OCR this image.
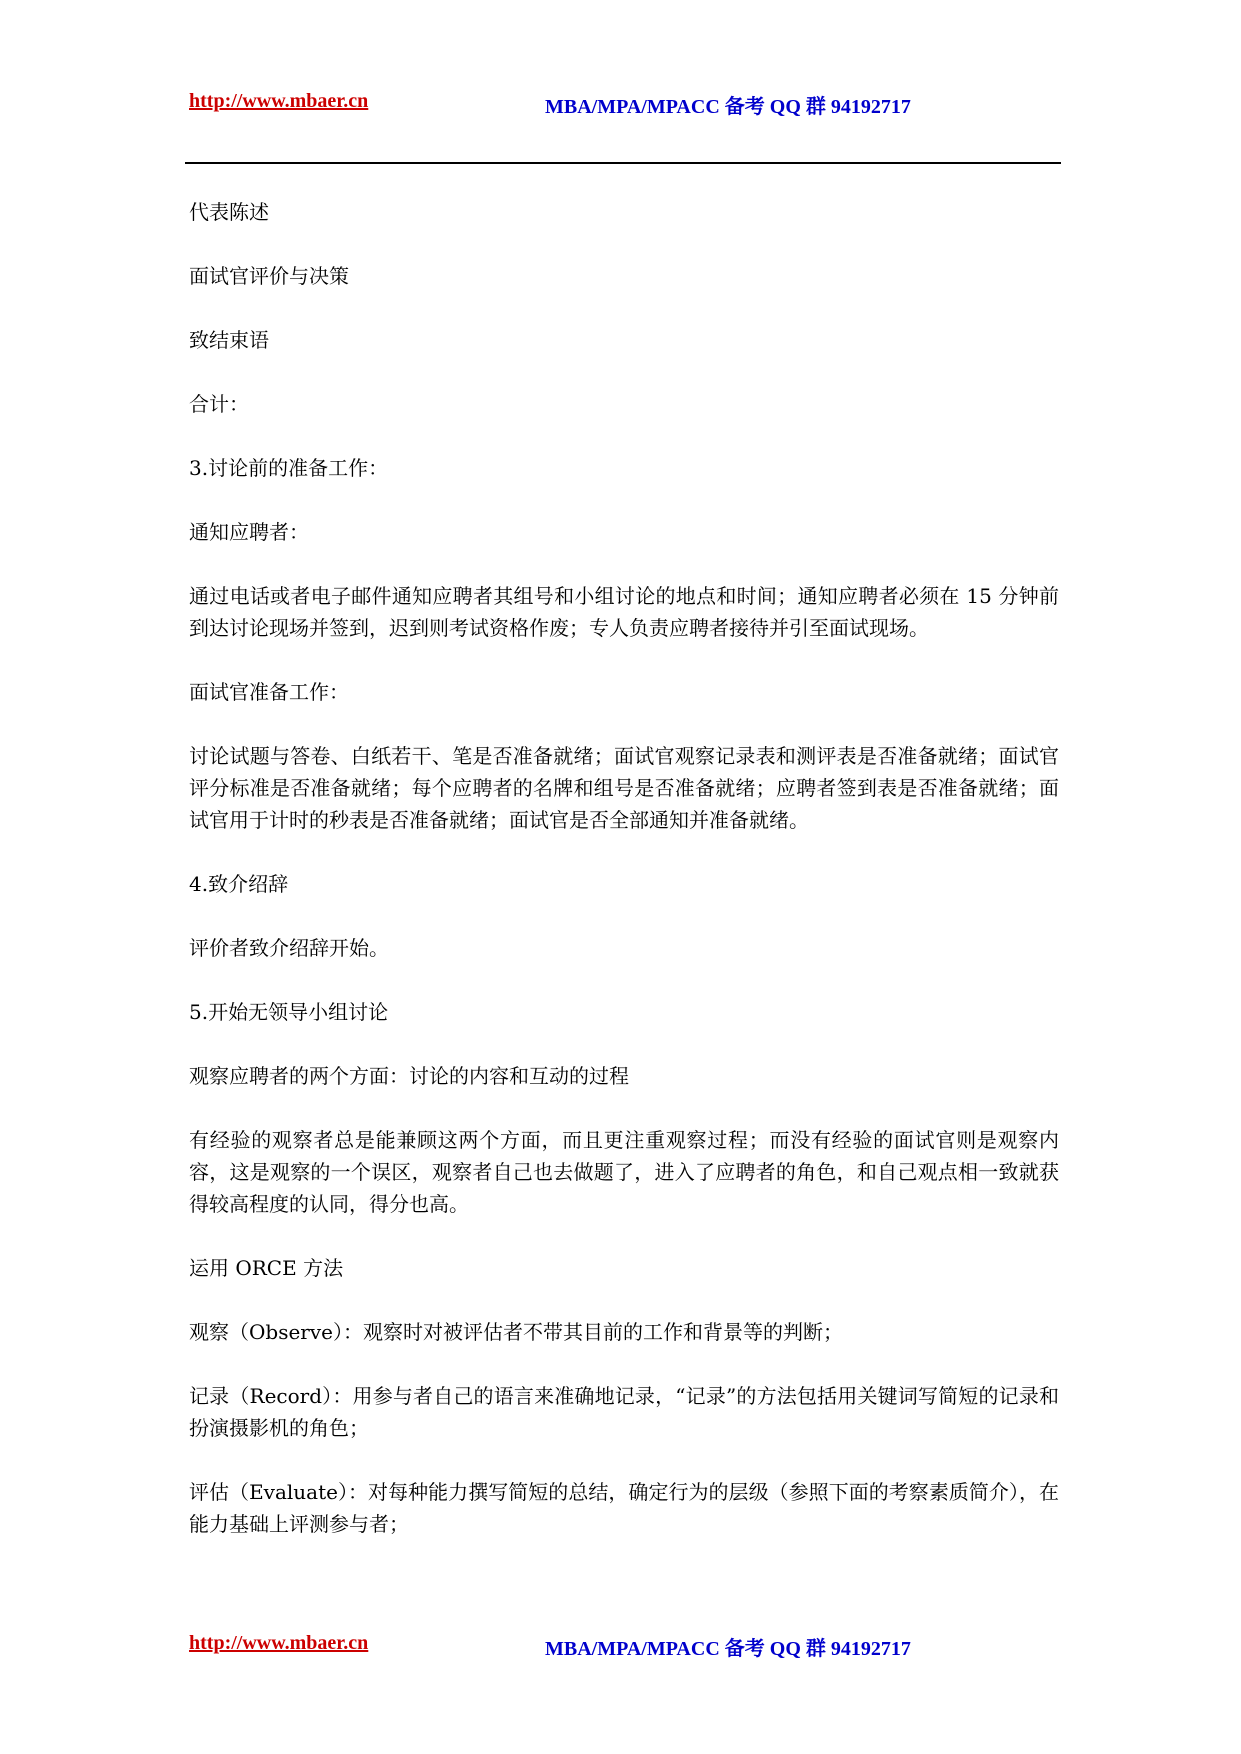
http://www.mbaer.cn	MBA/MPA/MPACC 备考 QQ 群 94192717

代表陈述

面试官评价与决策

致结束语

合计：

3.讨论前的准备工作：

通知应聘者：

通过电话或者电子邮件通知应聘者其组号和小组讨论的地点和时间；通知应聘者必须在 15 分钟前到达讨论现场并签到，迟到则考试资格作废；专人负责应聘者接待并引至面试现场。

面试官准备工作：

讨论试题与答卷、白纸若干、笔是否准备就绪；面试官观察记录表和测评表是否准备就绪；面试官评分标准是否准备就绪；每个应聘者的名牌和组号是否准备就绪；应聘者签到表是否准备就绪；面试官用于计时的秒表是否准备就绪；面试官是否全部通知并准备就绪。

4.致介绍辞

评价者致介绍辞开始。

5.开始无领导小组讨论

观察应聘者的两个方面：讨论的内容和互动的过程

有经验的观察者总是能兼顾这两个方面，而且更注重观察过程；而没有经验的面试官则是观察内容，这是观察的一个误区，观察者自己也去做题了，进入了应聘者的角色，和自己观点相一致就获得较高程度的认同，得分也高。

运用 ORCE 方法

观察（Observe）：观察时对被评估者不带其目前的工作和背景等的判断；

记录（Record）：用参与者自己的语言来准确地记录，“记录”的方法包括用关键词写简短的记录和扮演摄影机的角色；

评估（Evaluate）：对每种能力撰写简短的总结，确定行为的层级（参照下面的考察素质简介），在能力基础上评测参与者；

http://www.mbaer.cn	MBA/MPA/MPACC 备考 QQ 群 94192717
